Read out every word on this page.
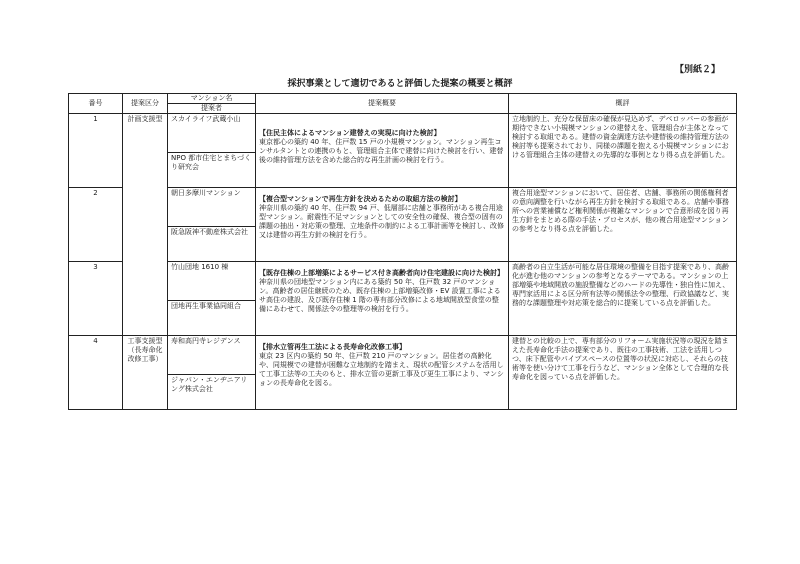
【別紙２】
採択事業として適切であると評価した提案の概要と概評
番号	提案区分	マンション名	提案概要	概評
		提案者		
1	計画支援型	スカイライフ武蔵小山	【住民主体によるマンション建替えの実現に向けた検討】
東京都心の築約 40 年、住戸数 15 戸の小規模マンション。マンション再生コンサルタントとの連携のもと、管理組合主体で建替に向けた検討を行い、建替後の維持管理方法を含めた総合的な再生計画の検討を行う。	立地制約上、充分な保留床の確保が見込めず、デベロッパーの参画が期待できない小規模マンションの建替えを、管理組合が主体となって検討する取組である。建替の資金調達方法や建替後の維持管理方法の検討等も提案されており、同様の課題を抱える小規模マンションにおける管理組合主体の建替えの先導的な事例となり得る点を評価した。
		NPO 都市住宅とまちづくり研究会		
2		朝日多摩川マンション	【複合型マンションで再生方針を決めるための取組方法の検討】
神奈川県の築約 40 年、住戸数 94 戸、低層部に店舗と事務所がある複合用途型マンション。耐震性不足マンションとしての安全性の確保、複合型の固有の課題の抽出・対応策の整理、立地条件の制約による工事計画等を検討し、改修又は建替の再生方針の検討を行う。	複合用途型マンションにおいて、居住者、店舗、事務所の関係権利者の意向調整を行いながら再生方針を検討する取組である。店舗や事務所への営業補償など権利関係が複雑なマンションで合意形成を図り再生方針をまとめる際の手法・プロセスが、他の複合用途型マンションの参考となり得る点を評価した。
		阪急阪神不動産株式会社		
3		竹山団地 1610 棟	【既存住棟の上部増築によるサービス付き高齢者向け住宅建設に向けた検討】
神奈川県の団地型マンション内にある築約 50 年、住戸数 32 戸のマンション。高齢者の居住継続のため、既存住棟の上部増築改修・EV 設置工事によるサ高住の建設、及び既存住棟 1 階の専有部分改修による地域開放型食堂の整備にあわせて、関係法令の整理等の検討を行う。	高齢者の自立生活が可能な居住環境の整備を目指す提案であり、高齢化が進む他のマンションの参考となるテーマである。マンションの上部増築や地域開放の施設整備などのハードの先導性・独自性に加え、専門家活用による区分所有法等の関係法令の整理、行政協議など、実務的な課題整理や対応策を総合的に提案している点を評価した。
		団地再生事業協同組合		
4	工事支援型（長寿命化改修工事）	寿和高円寺レジデンス	【排水立管再生工法による長寿命化改修工事】
東京 23 区内の築約 50 年、住戸数 210 戸のマンション。居住者の高齢化や、同規模での建替が困難な立地制約を踏まえ、現状の配管システムを活用して工事工法等の工夫のもと、排水立管の更新工事及び更生工事により、マンションの長寿命化を図る。	建替との比較の上で、専有部分のリフォーム実施状況等の現況を踏まえた長寿命化手法の提案であり、既往の工事技術、工法を活用しつつ、床下配管やパイプスペースの位置等の状況に対応し、それらの技術等を使い分けて工事を行うなど、マンション全体として合理的な長寿命化を図っている点を評価した。
		ジャパン・エンヂニアリング株式会社		
